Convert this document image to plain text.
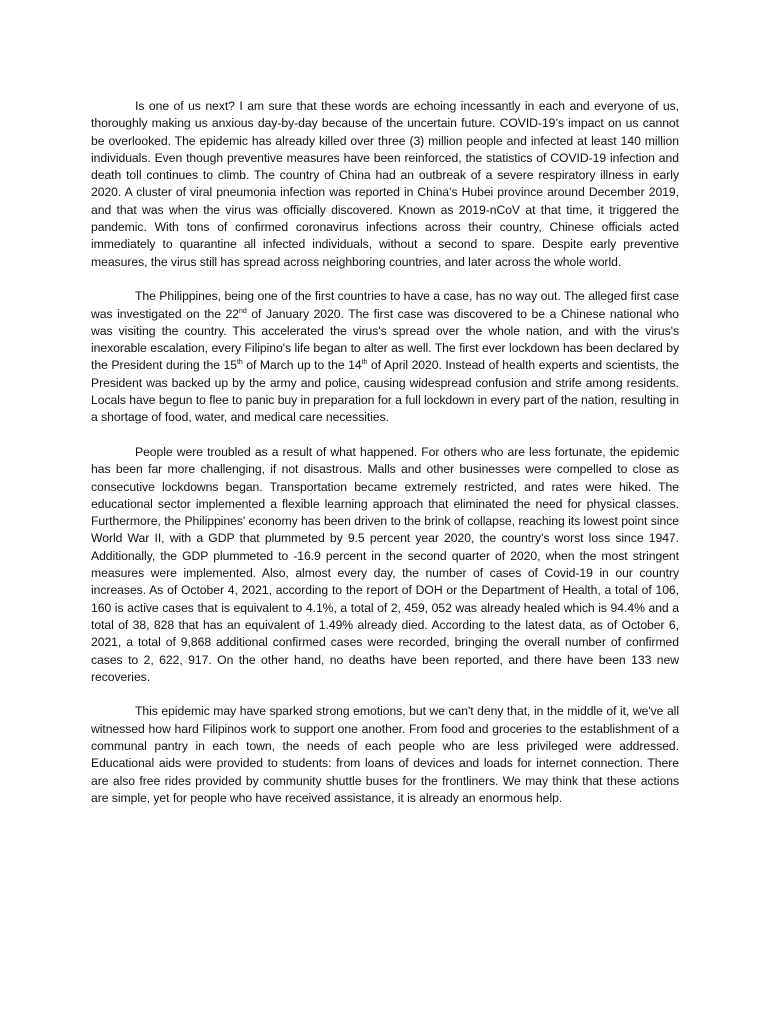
Is one of us next? I am sure that these words are echoing incessantly in each and everyone of us, thoroughly making us anxious day-by-day because of the uncertain future. COVID-19’s impact on us cannot be overlooked. The epidemic has already killed over three (3) million people and infected at least 140 million individuals. Even though preventive measures have been reinforced, the statistics of COVID-19 infection and death toll continues to climb. The country of China had an outbreak of a severe respiratory illness in early 2020. A cluster of viral pneumonia infection was reported in China’s Hubei province around December 2019, and that was when the virus was officially discovered. Known as 2019-nCoV at that time, it triggered the pandemic. With tons of confirmed coronavirus infections across their country, Chinese officials acted immediately to quarantine all infected individuals, without a second to spare. Despite early preventive measures, the virus still has spread across neighboring countries, and later across the whole world.

The Philippines, being one of the first countries to have a case, has no way out. The alleged first case was investigated on the 22nd of January 2020. The first case was discovered to be a Chinese national who was visiting the country. This accelerated the virus's spread over the whole nation, and with the virus's inexorable escalation, every Filipino's life began to alter as well. The first ever lockdown has been declared by the President during the 15th of March up to the 14th of April 2020. Instead of health experts and scientists, the President was backed up by the army and police, causing widespread confusion and strife among residents. Locals have begun to flee to panic buy in preparation for a full lockdown in every part of the nation, resulting in a shortage of food, water, and medical care necessities.

People were troubled as a result of what happened. For others who are less fortunate, the epidemic has been far more challenging, if not disastrous. Malls and other businesses were compelled to close as consecutive lockdowns began. Transportation became extremely restricted, and rates were hiked. The educational sector implemented a flexible learning approach that eliminated the need for physical classes. Furthermore, the Philippines' economy has been driven to the brink of collapse, reaching its lowest point since World War II, with a GDP that plummeted by 9.5 percent year 2020, the country's worst loss since 1947. Additionally, the GDP plummeted to -16.9 percent in the second quarter of 2020, when the most stringent measures were implemented. Also, almost every day, the number of cases of Covid-19 in our country increases. As of October 4, 2021, according to the report of DOH or the Department of Health, a total of 106, 160 is active cases that is equivalent to 4.1%, a total of 2, 459, 052 was already healed which is 94.4% and a total of 38, 828 that has an equivalent of 1.49% already died. According to the latest data, as of October 6, 2021, a total of 9,868 additional confirmed cases were recorded, bringing the overall number of confirmed cases to 2, 622, 917. On the other hand, no deaths have been reported, and there have been 133 new recoveries.

This epidemic may have sparked strong emotions, but we can't deny that, in the middle of it, we've all witnessed how hard Filipinos work to support one another. From food and groceries to the establishment of a communal pantry in each town, the needs of each people who are less privileged were addressed. Educational aids were provided to students: from loans of devices and loads for internet connection. There are also free rides provided by community shuttle buses for the frontliners. We may think that these actions are simple, yet for people who have received assistance, it is already an enormous help.
